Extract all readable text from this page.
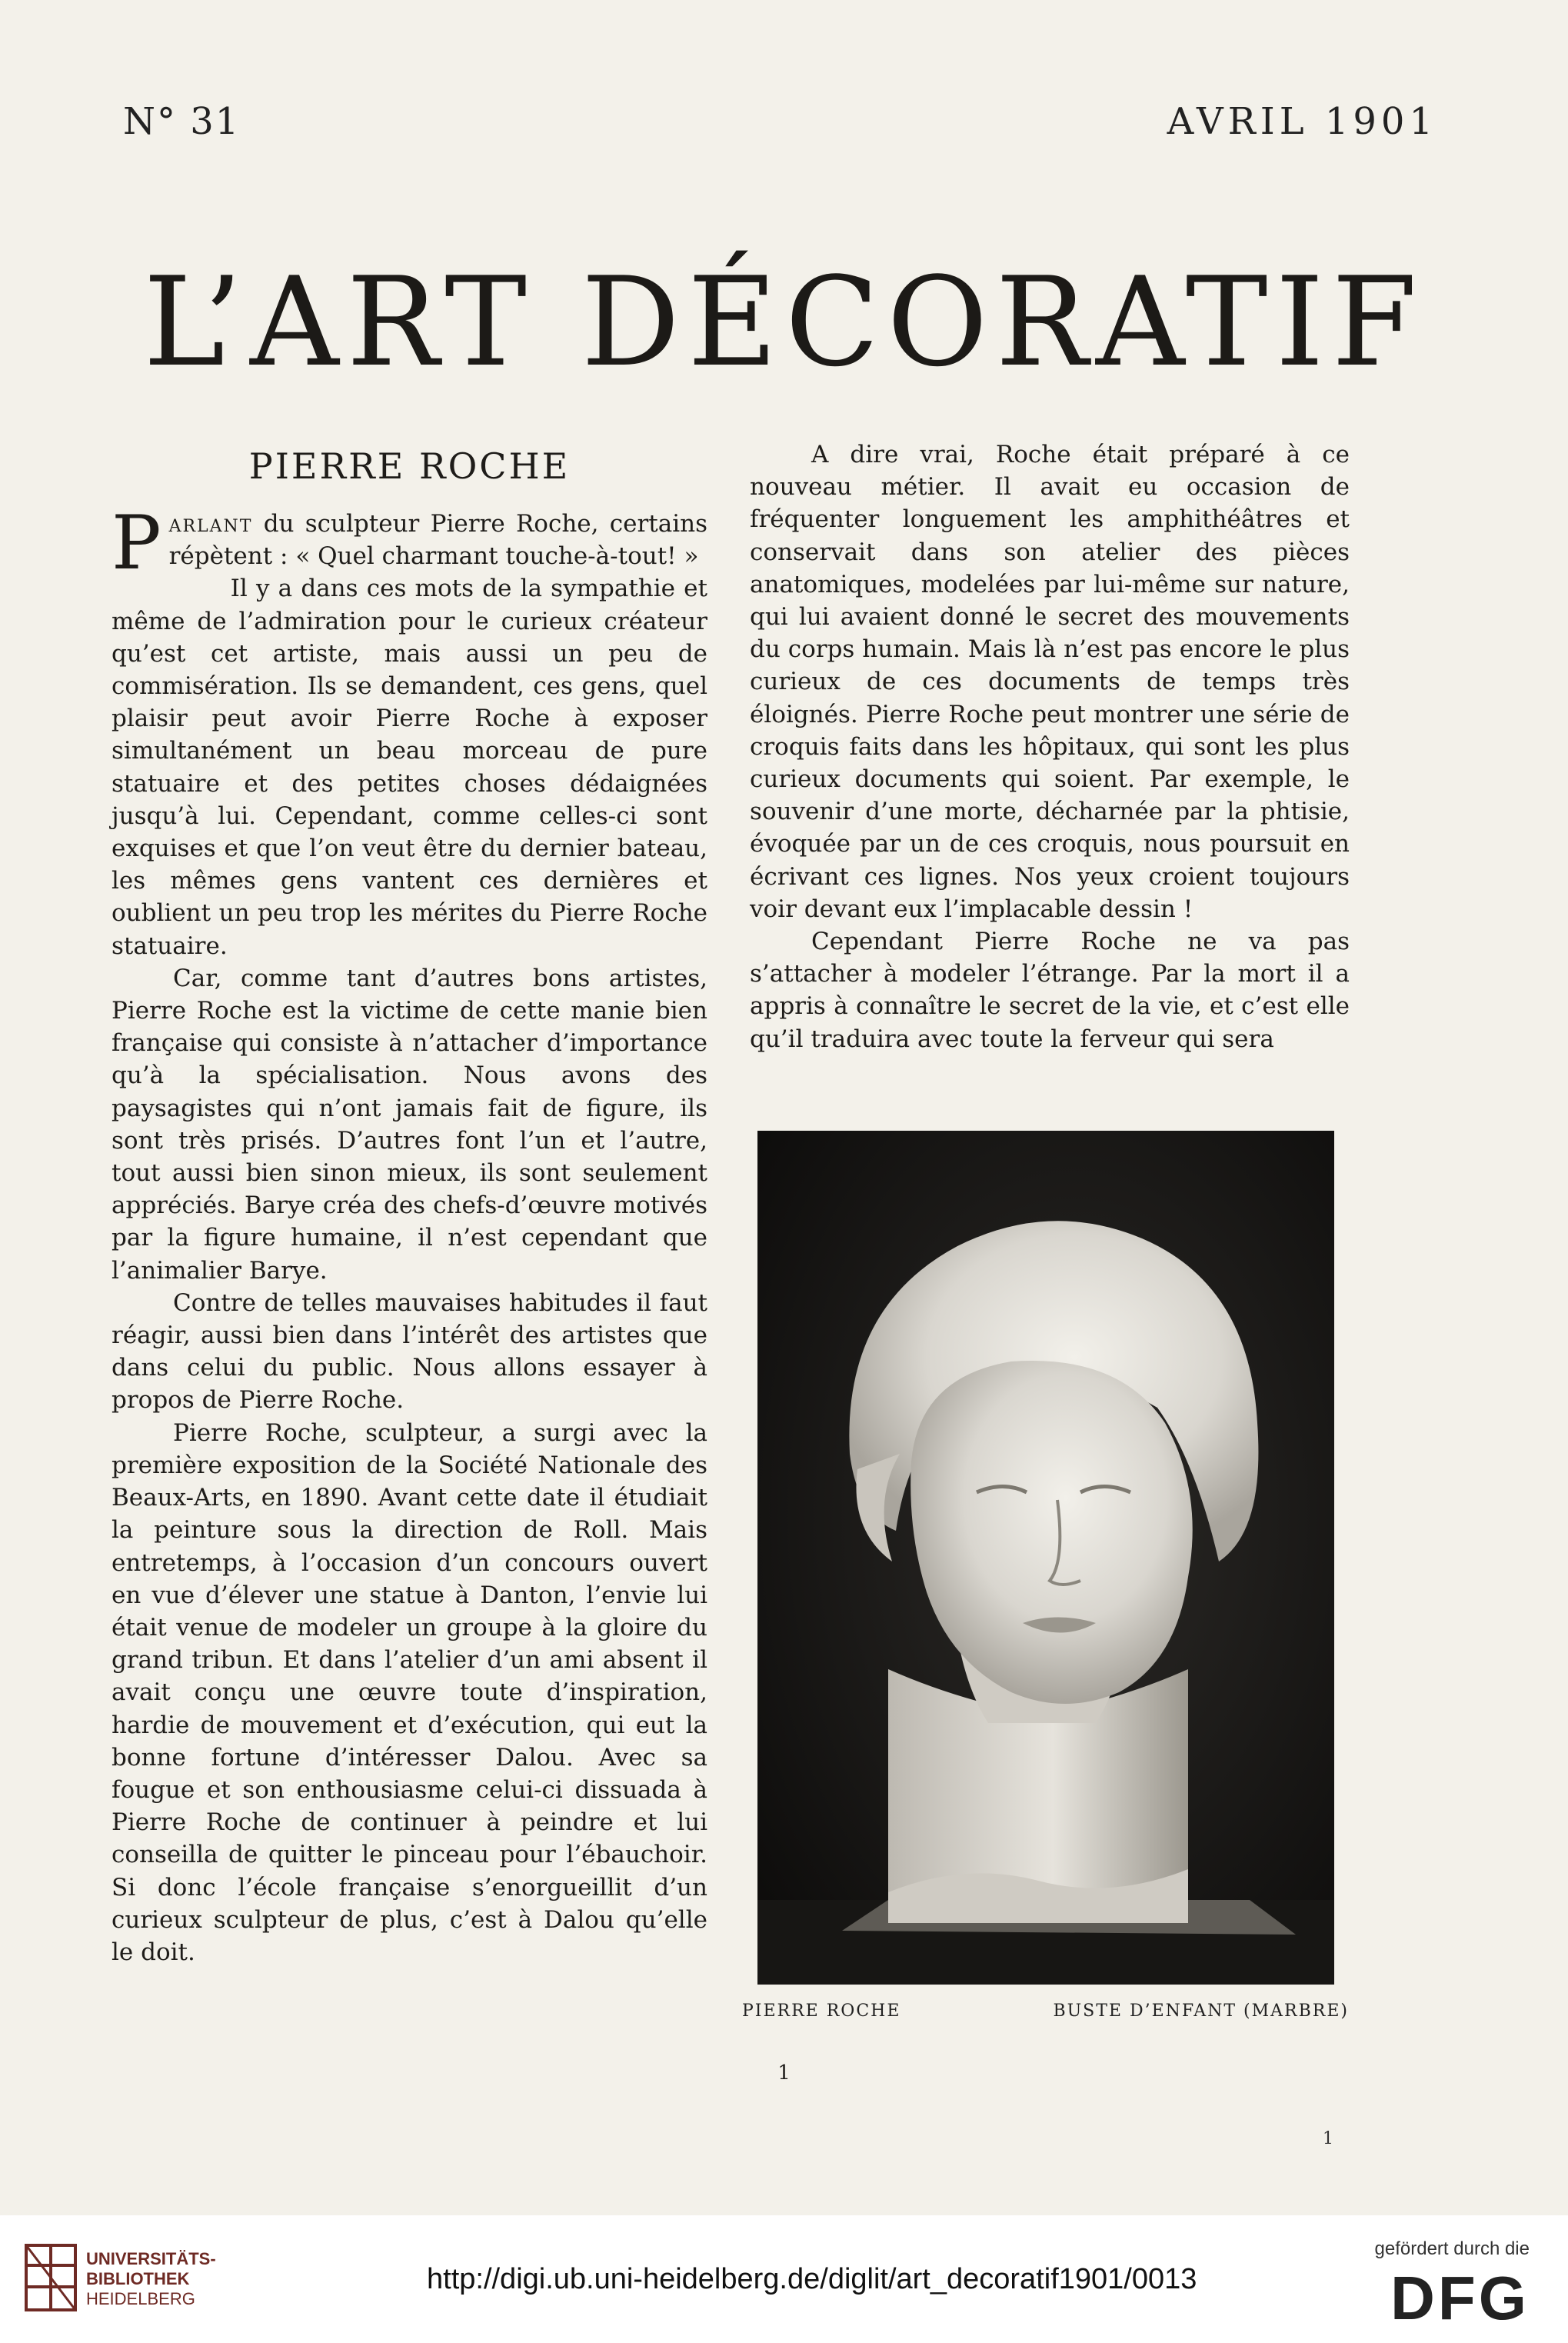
N° 31	AVRIL 1901
L’ART DÉCORATIF
PIERRE ROCHE

Parlant du sculpteur Pierre Roche, certains répètent : « Quel charmant touche-à-tout! »

Il y a dans ces mots de la sympathie et même de l’admiration pour le curieux créateur qu’est cet artiste, mais aussi un peu de commisération. Ils se demandent, ces gens, quel plaisir peut avoir Pierre Roche à exposer simultanément un beau morceau de pure statuaire et des petites choses dédaignées jusqu’à lui. Cependant, comme celles-ci sont exquises et que l’on veut être du dernier bateau, les mêmes gens vantent ces dernières et oublient un peu trop les mérites du Pierre Roche statuaire.

Car, comme tant d’autres bons artistes, Pierre Roche est la victime de cette manie bien française qui consiste à n’attacher d’importance qu’à la spécialisation. Nous avons des paysagistes qui n’ont jamais fait de figure, ils sont très prisés. D’autres font l’un et l’autre, tout aussi bien sinon mieux, ils sont seulement appréciés. Barye créa des chefs-d’œuvre motivés par la figure humaine, il n’est cependant que l’animalier Barye.

Contre de telles mauvaises habitudes il faut réagir, aussi bien dans l’intérêt des artistes que dans celui du public. Nous allons essayer à propos de Pierre Roche.

Pierre Roche, sculpteur, a surgi avec la première exposition de la Société Nationale des Beaux-Arts, en 1890. Avant cette date il étudiait la peinture sous la direction de Roll. Mais entretemps, à l’occasion d’un concours ouvert en vue d’élever une statue à Danton, l’envie lui était venue de modeler un groupe à la gloire du grand tribun. Et dans l’atelier d’un ami absent il avait conçu une œuvre toute d’inspiration, hardie de mouvement et d’exécution, qui eut la bonne fortune d’intéresser Dalou. Avec sa fougue et son enthousiasme celui-ci dissuada à Pierre Roche de continuer à peindre et lui conseilla de quitter le pinceau pour l’ébauchoir. Si donc l’école française s’enorgueillit d’un curieux sculpteur de plus, c’est à Dalou qu’elle le doit.

A dire vrai, Roche était préparé à ce nouveau métier. Il avait eu occasion de fréquenter longuement les amphithéâtres et conservait dans son atelier des pièces anatomiques, modelées par lui-même sur nature, qui lui avaient donné le secret des mouvements du corps humain. Mais là n’est pas encore le plus curieux de ces documents de temps très éloignés. Pierre Roche peut montrer une série de croquis faits dans les hôpitaux, qui sont les plus curieux documents qui soient. Par exemple, le souvenir d’une morte, décharnée par la phtisie, évoquée par un de ces croquis, nous poursuit en écrivant ces lignes. Nos yeux croient toujours voir devant eux l’implacable dessin !

Cependant Pierre Roche ne va pas s’attacher à modeler l’étrange. Par la mort il a appris à connaître le secret de la vie, et c’est elle qu’il traduira avec toute la ferveur qui sera

PIERRE ROCHE	BUSTE D’ENFANT (MARBRE)
1
1
UNIVERSITÄTS-
BIBLIOTHEK
HEIDELBERG
http://digi.ub.uni-heidelberg.de/diglit/art_decoratif1901/0013
gefördert durch die
DFG
